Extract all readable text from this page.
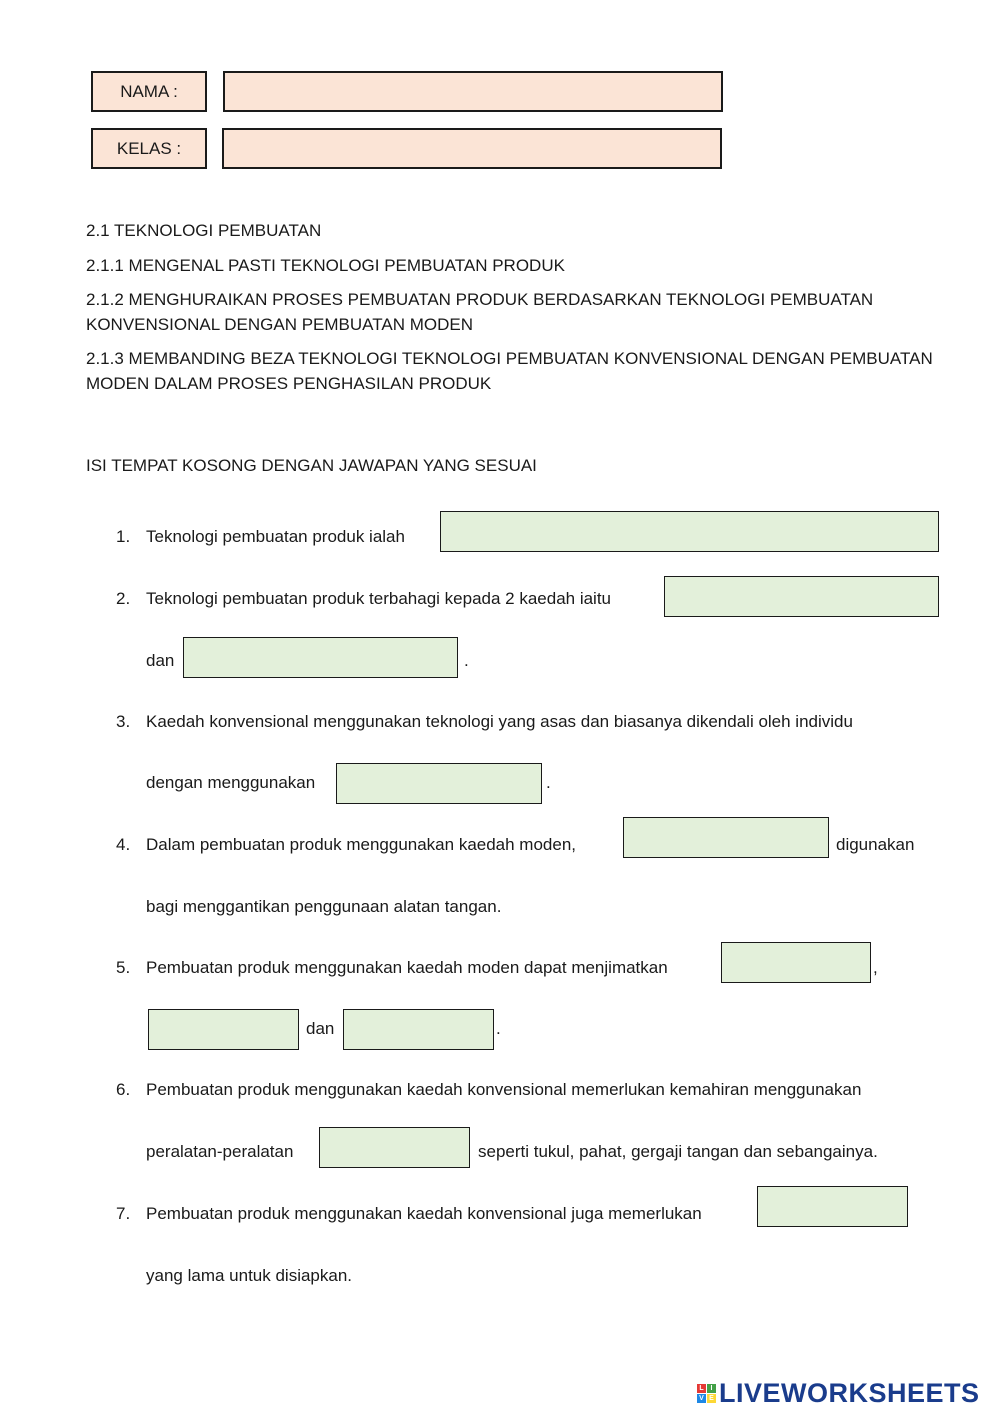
NAMA :
KELAS :
2.1 TEKNOLOGI PEMBUATAN
2.1.1 MENGENAL PASTI TEKNOLOGI PEMBUATAN PRODUK
2.1.2 MENGHURAIKAN PROSES PEMBUATAN PRODUK BERDASARKAN TEKNOLOGI PEMBUATAN
KONVENSIONAL DENGAN PEMBUATAN MODEN
2.1.3 MEMBANDING BEZA TEKNOLOGI TEKNOLOGI PEMBUATAN KONVENSIONAL DENGAN PEMBUATAN
MODEN DALAM PROSES PENGHASILAN PRODUK
ISI TEMPAT KOSONG DENGAN JAWAPAN YANG SESUAI
1. Teknologi pembuatan produk ialah
2. Teknologi pembuatan produk terbahagi kepada 2 kaedah iaitu
dan	.
3. Kaedah konvensional menggunakan teknologi yang asas dan biasanya dikendali oleh individu
dengan menggunakan	.
4. Dalam pembuatan produk menggunakan kaedah moden,	digunakan
bagi menggantikan penggunaan alatan tangan.
5. Pembuatan produk menggunakan kaedah moden dapat menjimatkan	,
dan	.
6. Pembuatan produk menggunakan kaedah konvensional memerlukan kemahiran menggunakan
peralatan-peralatan	seperti tukul, pahat, gergaji tangan dan sebangainya.
7. Pembuatan produk menggunakan kaedah konvensional juga memerlukan
yang lama untuk disiapkan.
L I
V E LIVEWORKSHEETS
